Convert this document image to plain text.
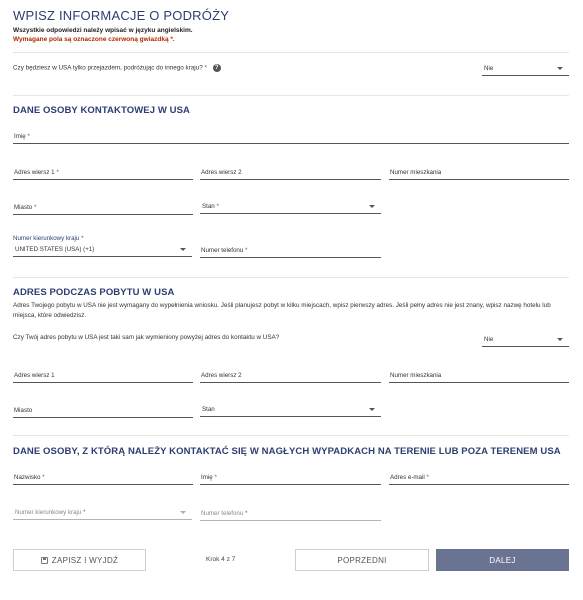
WPISZ INFORMACJE O PODRÓŻY
Wszystkie odpowiedzi należy wpisać w języku angielskim.
Wymagane pola są oznaczone czerwoną gwiazdką *.
Czy będziesz w USA tylko przejazdem, podróżując do innego kraju? * ?	Nie
DANE OSOBY KONTAKTOWEJ W USA
Imię *
Adres wiersz 1 *	Adres wiersz 2	Numer mieszkania
Miasto *	Stan *
Numer kierunkowy kraju *
UNITED STATES (USA) (+1)	Numer telefonu *
ADRES PODCZAS POBYTU W USA
Adres Twojego pobytu w USA nie jest wymagany do wypełnienia wniosku. Jeśli planujesz pobyt w kilku miejscach, wpisz pierwszy adres. Jeśli pełny adres nie jest znany, wpisz nazwę hotelu lub miejsca, które odwiedzisz.
Czy Twój adres pobytu w USA jest taki sam jak wymieniony powyżej adres do kontaktu w USA?	Nie
Adres wiersz 1	Adres wiersz 2	Numer mieszkania
Miasto	Stan
DANE OSOBY, Z KTÓRĄ NALEŻY KONTAKTAĆ SIĘ W NAGŁYCH WYPADKACH NA TERENIE LUB POZA TERENEM USA
Nazwisko *	Imię *	Adres e-mail *
Numer kierunkowy kraju *	Numer telefonu *
ZAPISZ I WYJDŹ	Krok 4 z 7	POPRZEDNI	DALEJ
